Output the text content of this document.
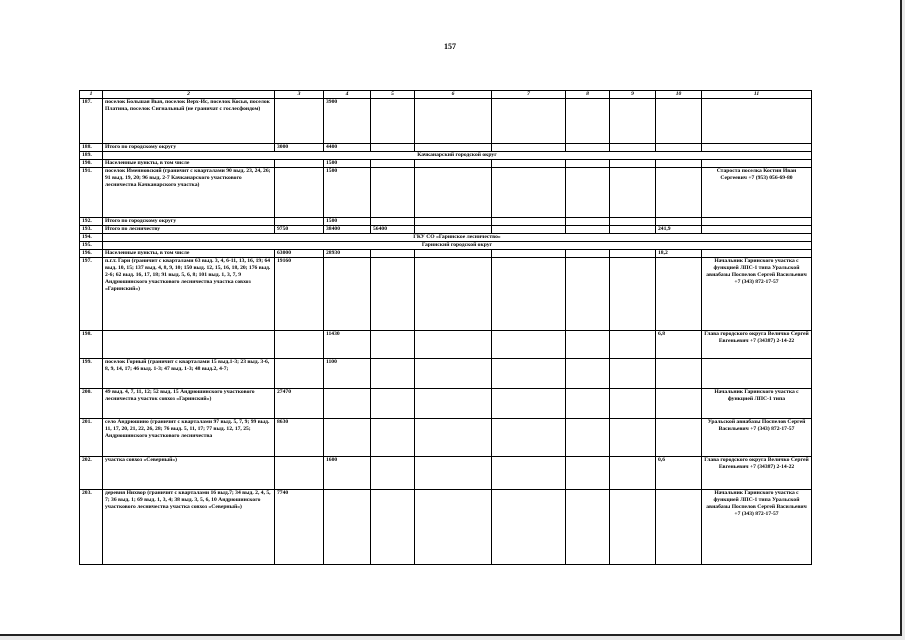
157
1	2	3	4	5	6	7	8	9	10	11
187.	поселок Большая Выя, поселок Верх-Ис, поселок Косья, поселок Платина, поселок Сигнальный (не граничат с гослесфондом)		3900							
188.	Итого по городскому округу	3000	4400							
189.	Качканарский городской округ									
190.	Населенные пункты, в том числе		1500							
191.	поселок Именновский (граничит с кварталами 90 выд. 23, 24, 26; 91 выд. 19, 20; 96 выд. 2-7 Качканарского участкового лесничества Качканарского участка)		1500							Староста поселка Костин Иван Сергеевич +7 (953) 056-69-80
192.	Итого по городскому округу		1500							
193.	Итого по лесничеству	9750	38400	56400					241,9	
194.	ГКУ СО «Гаринское лесничество»									
195.	Гаринский городской округ									
196.	Населенные пункты, в том числе	63000	28930						18,2	
197.	п.г.т. Гари (граничит с кварталами 63 выд. 3, 4, 6-11, 13, 16, 19; 64 выд. 10, 15; 137 выд. 4, 8, 9, 10; 150 выд. 12, 15, 16, 18, 20; 176 выд. 2-6; 62 выд. 16, 17, 18; 91 выд. 5, 6, 8; 101 выд. 1, 3, 7, 9 Андрюшинского участкового лесничества участка совхоз «Гаринский»)	19160								Начальник Гаринского участка с функцией ЛПС-1 типа Уральской авиабазы Поспелов Сергей Васильевич +7 (343) 872-17-57
198.			11430						6,8	Глава городского округа Величко Сергей Евгеньевич +7 (34387) 2-14-22
199.	поселок Горный (граничит с кварталами 15 выд.1-3; 23 выд. 3-6, 8, 9, 14, 17; 46 выд. 1-3; 47 выд. 1-3; 48 выд.2, 4-7;		1100							
200.	49 выд. 4, 7, 11, 12; 52 выд. 15 Андрюшинского участкового лесничества участок совхоз «Гаринский»)	27470								Начальник Гаринского участка с функцией ЛПС-1 типа
201.	село Андрюшино (граничит с кварталами 97 выд. 5, 7, 9; 99 выд. 11, 17, 20, 21, 22, 26, 28; 76 выд. 5, 11, 17; 77 выд. 12, 17, 25; Андрюшинского участкового лесничества	8630								Уральской авиабазы Поспелов Сергей Васильевич +7 (343) 872-17-57
202.	участка совхоз «Северный»)		1600						0,6	Глава городского округа Величко Сергей Евгеньевич +7 (34387) 2-14-22
203.	деревня Нихвор (граничит с кварталами 16 выд.7; 34 выд. 2, 4, 5, 7; 36 выд. 1; 69 выд. 1, 3, 4; 38 выд. 3, 5, 6, 10 Андрюшинского участкового лесничества участка совхоз «Северный»)	7740								Начальник Гаринского участка с функцией ЛПС-1 типа Уральской авиабазы Поспелов Сергей Васильевич +7 (343) 872-17-57
